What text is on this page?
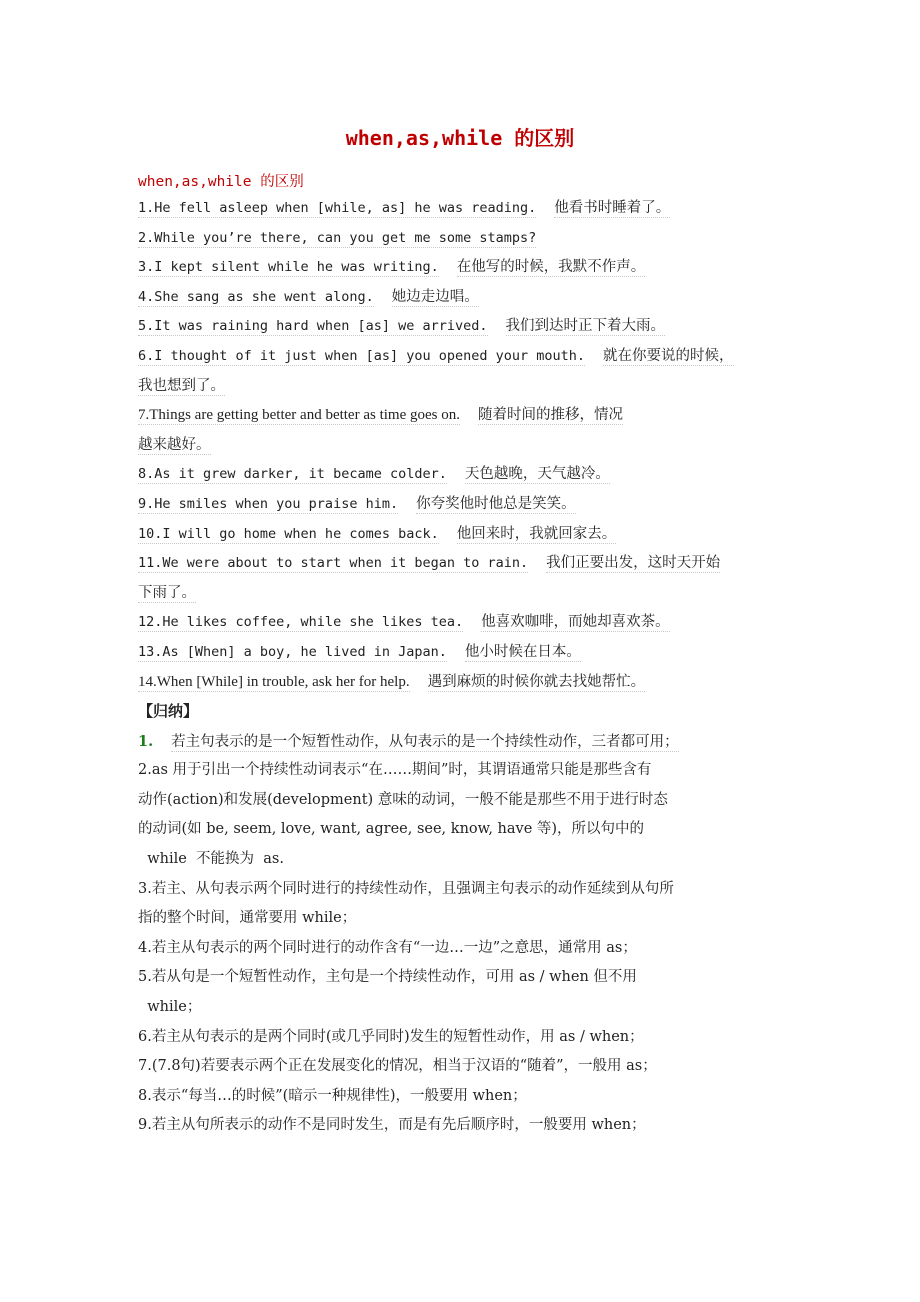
when,as,while 的区别
when,as,while 的区别
1.He fell asleep when [while, as] he was reading. 他看书时睡着了。
2.While you’re there, can you get me some stamps?
3.I kept silent while he was writing. 在他写的时候，我默不作声。
4.She sang as she went along. 她边走边唱。
5.It was raining hard when [as] we arrived. 我们到达时正下着大雨。
6.I thought of it just when [as] you opened your mouth. 就在你要说的时候，
我也想到了。
7.Things are getting better and better as time goes on. 随着时间的推移，情况
越来越好。
8.As it grew darker, it became colder. 天色越晚，天气越冷。
9.He smiles when you praise him. 你夸奖他时他总是笑笑。
10.I will go home when he comes back. 他回来时，我就回家去。
11.We were about to start when it began to rain. 我们正要出发，这时天开始
下雨了。
12.He likes coffee, while she likes tea. 他喜欢咖啡，而她却喜欢茶。
13.As [When] a boy, he lived in Japan. 他小时候在日本。
14.When [While] in trouble, ask her for help. 遇到麻烦的时候你就去找她帮忙。
【归纳】
1. 若主句表示的是一个短暂性动作，从句表示的是一个持续性动作，三者都可用；
2.as 用于引出一个持续性动词表示“在……期间”时，其谓语通常只能是那些含有
动作(action)和发展(development) 意味的动词，一般不能是那些不用于进行时态
的动词(如 be, seem, love, want, agree, see, know, have 等)，所以句中的
while  不能换为  as.
3.若主、从句表示两个同时进行的持续性动作，且强调主句表示的动作延续到从句所
指的整个时间，通常要用 while；
4.若主从句表示的两个同时进行的动作含有“一边…一边”之意思，通常用 as；
5.若从句是一个短暂性动作，主句是一个持续性动作，可用 as / when 但不用
while；
6.若主从句表示的是两个同时(或几乎同时)发生的短暂性动作，用 as / when；
7.(7.8句)若要表示两个正在发展变化的情况，相当于汉语的“随着”，一般用 as；
8.表示“每当…的时候”(暗示一种规律性)，一般要用 when；
9.若主从句所表示的动作不是同时发生，而是有先后顺序时，一般要用 when；
